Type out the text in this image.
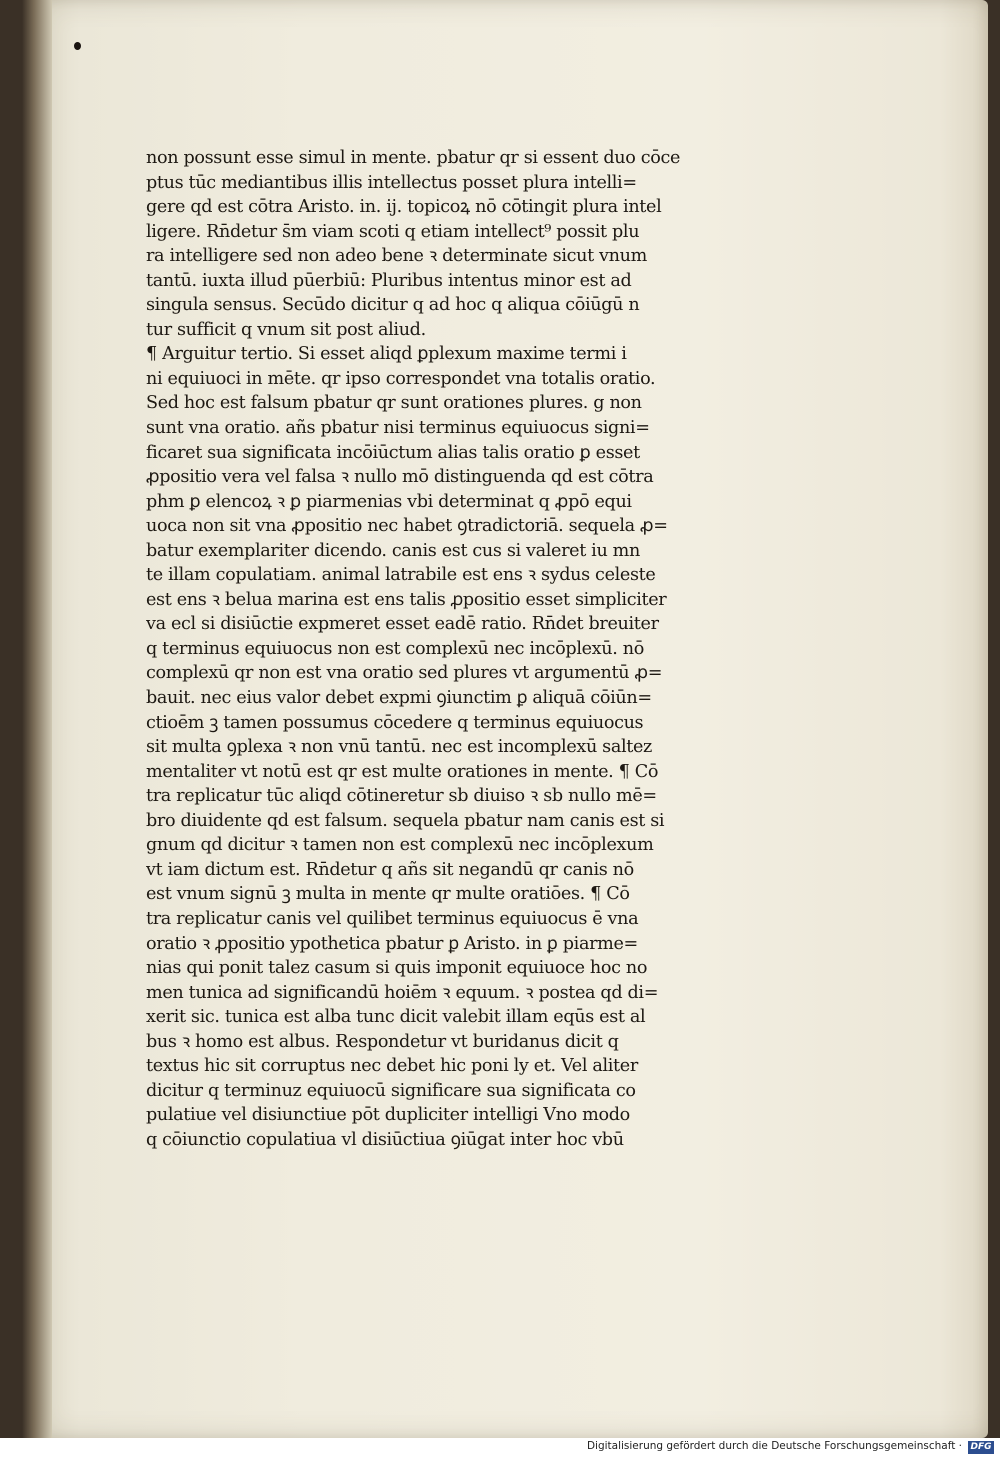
non possunt esse simul in mente. pbatur qr si essent duo cōce
ptus tūc mediantibus illis intellectus posset plura intelli=
gere qd est cōtra Aristo. in. ij. topicoꝝ nō cōtingit plura intel
ligere. Rn̄detur s̄m viam scoti q etiam intellect⁹ possit plu
ra intelligere sed non adeo bene ꝛ determinate sicut vnum
tantū. iuxta illud pūerbiū: Pluribus intentus minor est ad
singula sensus. Secūdo dicitur q ad hoc q aliqua cōiūgū n
tur sufficit q vnum sit post aliud.
¶ Arguitur tertio. Si esset aliqd ꝑplexum maxime termi i
ni equiuoci in mēte. qr ipso correspondet vna totalis oratio.
Sed hoc est falsum pbatur qr sunt orationes plures. g non
sunt vna oratio. añs pbatur nisi terminus equiuocus signi=
ficaret sua significata incōiūctum alias talis oratio ꝑ esset
ꝓpositio vera vel falsa ꝛ nullo mō distinguenda qd est cōtra
phm ꝑ elencoꝝ ꝛ ꝑ piarmenias vbi determinat q ꝓpō equi
uoca non sit vna ꝓpositio nec habet ꝯtradictoriā. sequela ꝓ=
batur exemplariter dicendo. canis est cus si valeret iu mn
te illam copulatiam. animal latrabile est ens ꝛ sydus celeste
est ens ꝛ belua marina est ens talis ꝓpositio esset simpliciter
va ecl si disiūctie expmeret esset eadē ratio. Rn̄det breuiter
q terminus equiuocus non est complexū nec incōplexū. nō
complexū qr non est vna oratio sed plures vt argumentū ꝓ=
bauit. nec eius valor debet expmi ꝯiunctim ꝑ aliquā cōiūn=
ctioēm ꝫ tamen possumus cōcedere q terminus equiuocus
sit multa ꝯplexa ꝛ non vnū tantū. nec est incomplexū saltez
mentaliter vt notū est qr est multe orationes in mente. ¶ Cō
tra replicatur tūc aliqd cōtineretur sb diuiso ꝛ sb nullo mē=
bro diuidente qd est falsum. sequela pbatur nam canis est si
gnum qd dicitur ꝛ tamen non est complexū nec incōplexum
vt iam dictum est. Rn̄detur q añs sit negandū qr canis nō
est vnum signū ꝫ multa in mente qr multe oratiōes. ¶ Cō
tra replicatur canis vel quilibet terminus equiuocus ē vna
oratio ꝛ ꝓpositio ypothetica pbatur ꝑ Aristo. in ꝑ piarme=
nias qui ponit talez casum si quis imponit equiuoce hoc no
men tunica ad significandū hoiēm ꝛ equum. ꝛ postea qd di=
xerit sic. tunica est alba tunc dicit valebit illam eqūs est al
bus ꝛ homo est albus. Respondetur vt buridanus dicit q
textus hic sit corruptus nec debet hic poni ly et. Vel aliter
dicitur q terminuz equiuocū significare sua significata co
pulatiue vel disiunctiue pōt dupliciter intelligi Vno modo
q cōiunctio copulatiua vl disiūctiua ꝯiūgat inter hoc vbū
Digitalisierung gefördert durch die Deutsche Forschungsgemeinschaft · DFG
